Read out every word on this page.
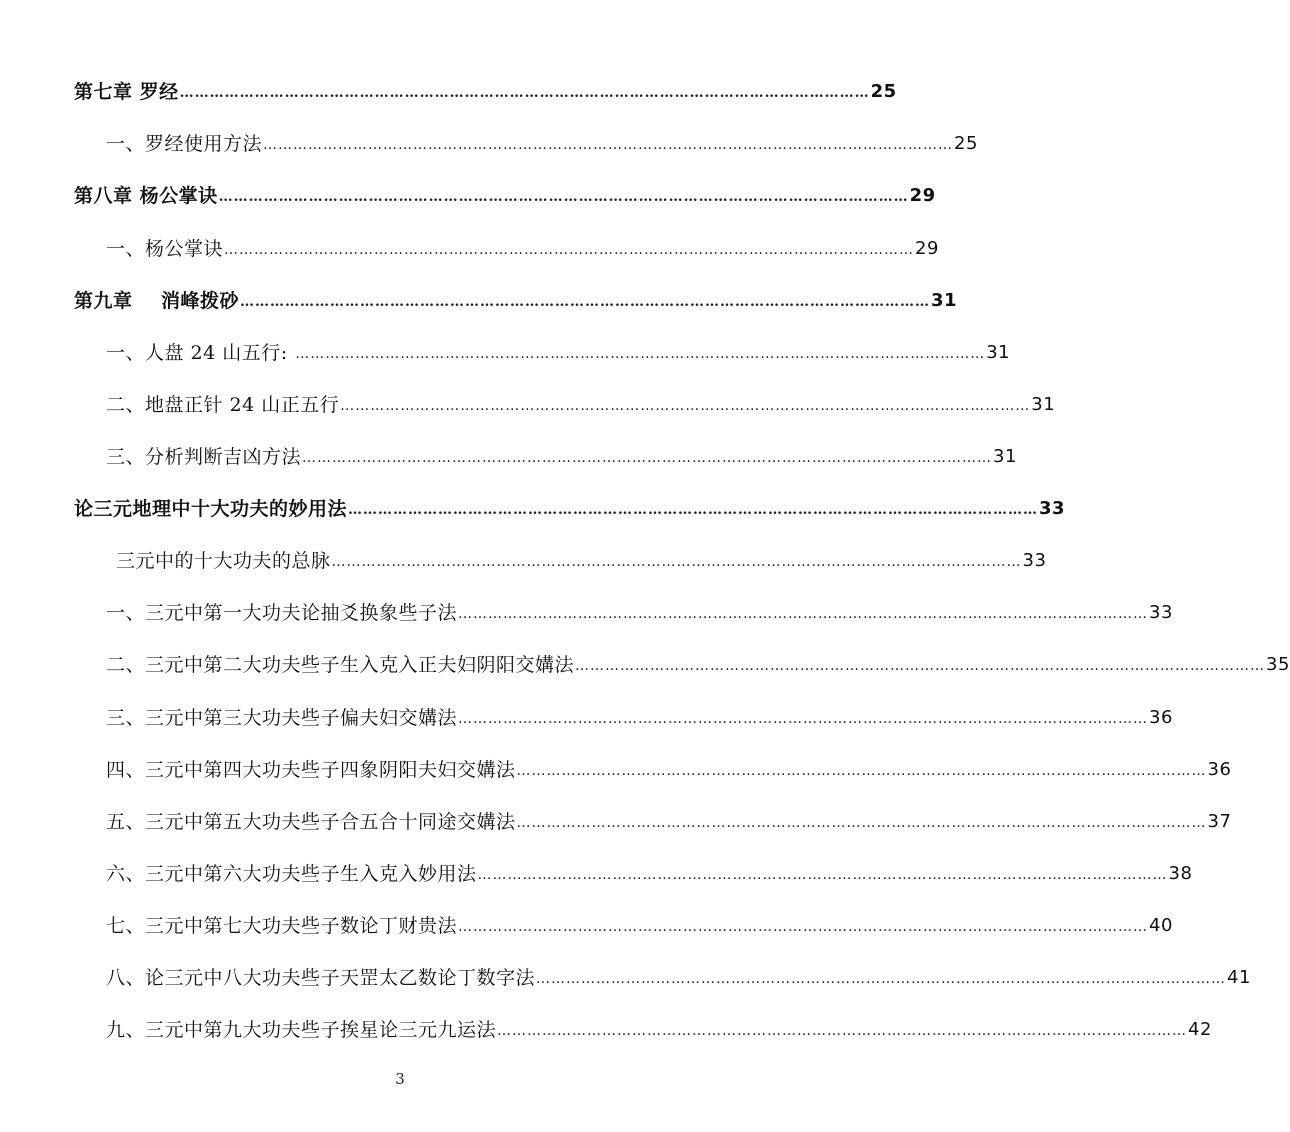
第七章 罗经 ………………………………………………………………………………………………………………………… 25
一、罗经使用方法 ………………………………………………………………………………………………………………………… 25
第八章 杨公掌诀 ………………………………………………………………………………………………………………………… 29
一、杨公掌诀 ………………………………………………………………………………………………………………………… 29
第九章    消峰拨砂 ………………………………………………………………………………………………………………………… 31
一、人盘 24 山五行: ………………………………………………………………………………………………………………………… 31
二、地盘正针 24 山正五行 ………………………………………………………………………………………………………………………… 31
三、分析判断吉凶方法 ………………………………………………………………………………………………………………………… 31
论三元地理中十大功夫的妙用法 ………………………………………………………………………………………………………………………… 33
三元中的十大功夫的总脉 ………………………………………………………………………………………………………………………… 33
一、三元中第一大功夫论抽爻换象些子法 ………………………………………………………………………………………………………………………… 33
二、三元中第二大功夫些子生入克入正夫妇阴阳交媾法 ………………………………………………………………………………………………………………………… 35
三、三元中第三大功夫些子偏夫妇交媾法 ………………………………………………………………………………………………………………………… 36
四、三元中第四大功夫些子四象阴阳夫妇交媾法 ………………………………………………………………………………………………………………………… 36
五、三元中第五大功夫些子合五合十同途交媾法 ………………………………………………………………………………………………………………………… 37
六、三元中第六大功夫些子生入克入妙用法 ………………………………………………………………………………………………………………………… 38
七、三元中第七大功夫些子数论丁财贵法 ………………………………………………………………………………………………………………………… 40
八、论三元中八大功夫些子天罡太乙数论丁数字法 ………………………………………………………………………………………………………………………… 41
九、三元中第九大功夫些子挨星论三元九运法 ………………………………………………………………………………………………………………………… 42
3
